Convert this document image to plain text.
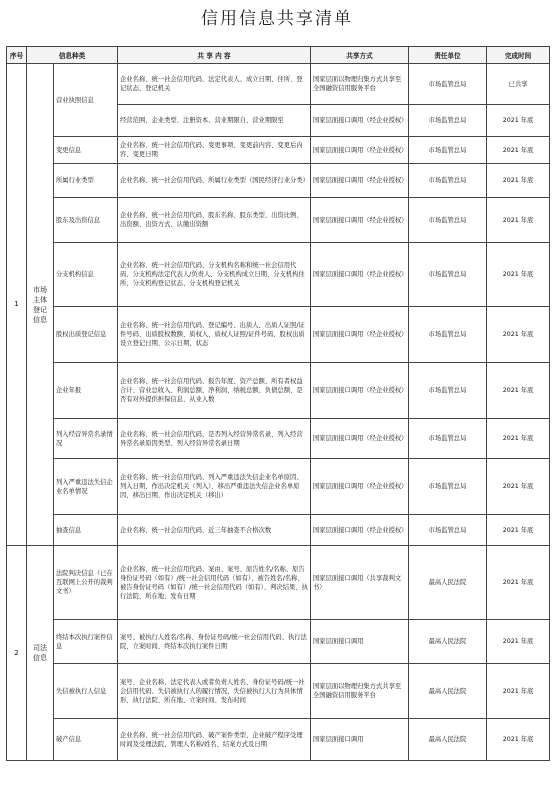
信用信息共享清单
序号	信息种类		共 享 内 容	共享方式	责任单位	完成时间
1	市场主体登记信息	营业执照信息	企业名称、统一社会信用代码、法定代表人、成立日期、住所、登记状态、登记机关	国家层面以物理归集方式共享至全国融资信用服务平台	市场监管总局	已共享
			经营范围、企业类型、注册资本、营业期限自、营业期限至	国家层面接口调用（经企业授权）	市场监管总局	2021 年底
		变更信息	企业名称、统一社会信用代码、变更事项、变更前内容、变更后内容、变更日期	国家层面接口调用（经企业授权）	市场监管总局	2021 年底
		所属行业类型	企业名称、统一社会信用代码、所属行业类型（国民经济行业分类）	国家层面接口调用（经企业授权）	市场监管总局	2021 年底
		股东及出资信息	企业名称、统一社会信用代码、股东名称、股东类型、出资比例、出资额、出资方式、认缴出资额	国家层面接口调用（经企业授权）	市场监管总局	2021 年底
		分支机构信息	企业名称、统一社会信用代码、分支机构名称和统一社会信用代码、分支机构法定代表人/负责人、分支机构成立日期、分支机构住所、分支机构登记状态、分支机构登记机关	国家层面接口调用（经企业授权）	市场监管总局	2021 年底
		股权出质登记信息	企业名称、统一社会信用代码、登记编号、出质人、出质人证照/证件号码、出质股权数额、质权人、质权人证照/证件号码、股权出质设立登记日期、公示日期、状态	国家层面接口调用（经企业授权）	市场监管总局	2021 年底
		企业年报	企业名称、统一社会信用代码、报告年度、资产总额、所有者权益合计、营业总收入、利润总额、净利润、纳税总额、负债总额、是否有对外提供担保信息、从业人数	国家层面接口调用（经企业授权）	市场监管总局	2021 年底
		列入经营异常名录情况	企业名称、统一社会信用代码、是否列入经营异常名录、列入经营异常名录原因类型、列入经营异常名录日期	国家层面接口调用（经企业授权）	市场监管总局	2021 年底
		列入严重违法失信企业名单情况	企业名称、统一社会信用代码、列入严重违法失信企业名单原因、列入日期、作出决定机关（列入）、移出严重违法失信企业名单原因、移出日期、作出决定机关（移出）	国家层面接口调用（经企业授权）	市场监管总局	2021 年底
		抽查信息	企业名称、统一社会信用代码、近三年抽查不合格次数	国家层面接口调用（经企业授权）	市场监管总局	2021 年底
2	司法信息	法院判决信息（已在互联网上公开的裁判文书）	企业名称、统一社会信用代码、案由、案号、原告姓名/名称、原告身份证号码（如有）/统一社会信用代码（如有）、被告姓名/名称、被告身份证号码（如有）/统一社会信用代码（如有）、判决结果、执行法院、所在地、发布日期	国家层面接口调用（共享裁判文书）	最高人民法院	2021 年底
		终结本次执行案件信息	案号、被执行人姓名/名称、身份证号码/统一社会信用代码、执行法院、立案时间、终结本次执行案件日期	国家层面接口调用	最高人民法院	2021 年底
		失信被执行人信息	案号、企业名称、法定代表人或者负责人姓名、身份证号码/统一社会信用代码、失信被执行人的履行情况、失信被执行人行为具体情形、执行法院、所在地、立案时间、发布时间	国家层面以物理归集方式共享至全国融资信用服务平台	最高人民法院	2021 年底
		破产信息	企业名称、统一社会信用代码、破产案件类型、企业破产程序受理时间及受理法院、管理人名称/姓名、结案方式及日期	国家层面接口调用	最高人民法院	2021 年底
